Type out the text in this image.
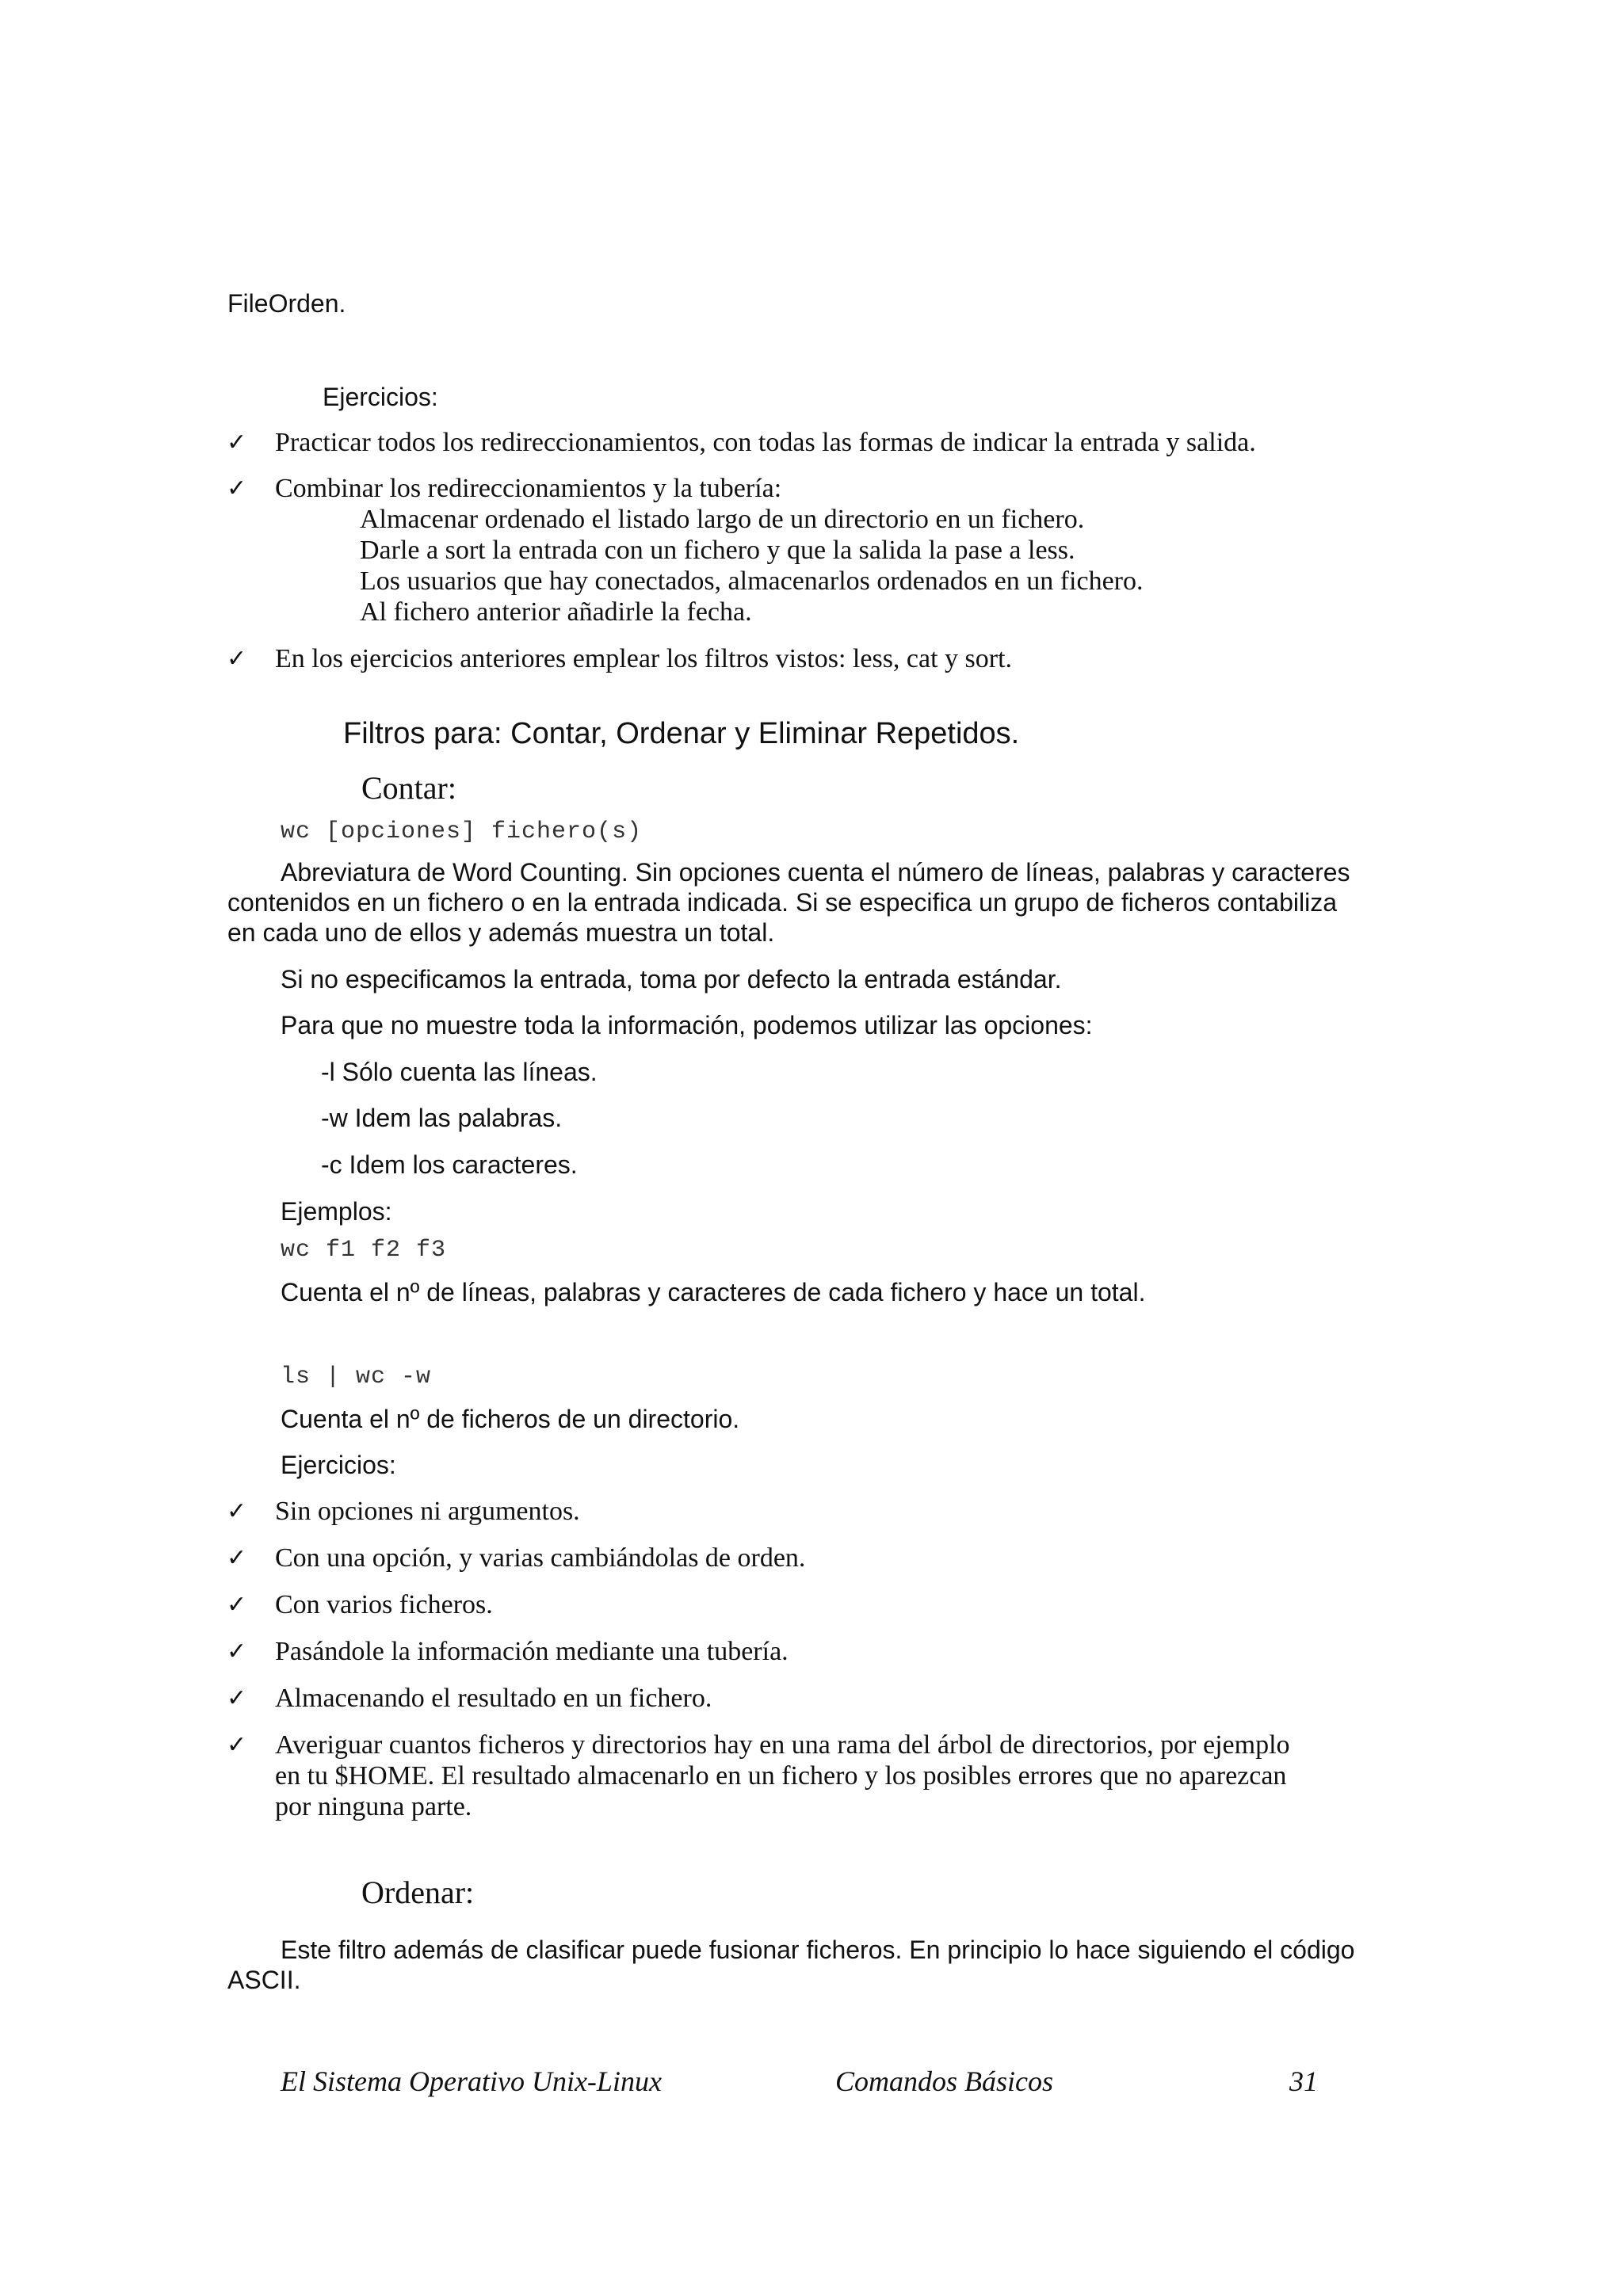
FileOrden.
Ejercicios:
✓ Practicar todos los redireccionamientos, con todas las formas de indicar la entrada y salida.
✓ Combinar los redireccionamientos y la tubería:
Almacenar ordenado el listado largo de un directorio en un fichero.
Darle a sort la entrada con un fichero y que la salida la pase a less.
Los usuarios que hay conectados, almacenarlos ordenados en un fichero.
Al fichero anterior añadirle la fecha.
✓ En los ejercicios anteriores emplear los filtros vistos: less, cat y sort.
Filtros para: Contar, Ordenar y Eliminar Repetidos.
Contar:
wc [opciones] fichero(s)
Abreviatura de Word Counting. Sin opciones cuenta el número de líneas, palabras y caracteres
contenidos en un fichero o en la entrada indicada. Si se especifica un grupo de ficheros contabiliza
en cada uno de ellos y además muestra un total.
Si no especificamos la entrada, toma por defecto la entrada estándar.
Para que no muestre toda la información, podemos utilizar las opciones:
-l Sólo cuenta las líneas.
-w Idem las palabras.
-c Idem los caracteres.
Ejemplos:
wc f1 f2 f3
Cuenta el nº de líneas, palabras y caracteres de cada fichero y hace un total.
ls | wc -w
Cuenta el nº de ficheros de un directorio.
Ejercicios:
✓ Sin opciones ni argumentos.
✓ Con una opción, y varias cambiándolas de orden.
✓ Con varios ficheros.
✓ Pasándole la información mediante una tubería.
✓ Almacenando el resultado en un fichero.
✓ Averiguar cuantos ficheros y directorios hay en una rama del árbol de directorios, por ejemplo
en tu $HOME. El resultado almacenarlo en un fichero y los posibles errores que no aparezcan
por ninguna parte.
Ordenar:
Este filtro además de clasificar puede fusionar ficheros. En principio lo hace siguiendo el código
ASCII.
El Sistema Operativo Unix-Linux	Comandos Básicos	31
